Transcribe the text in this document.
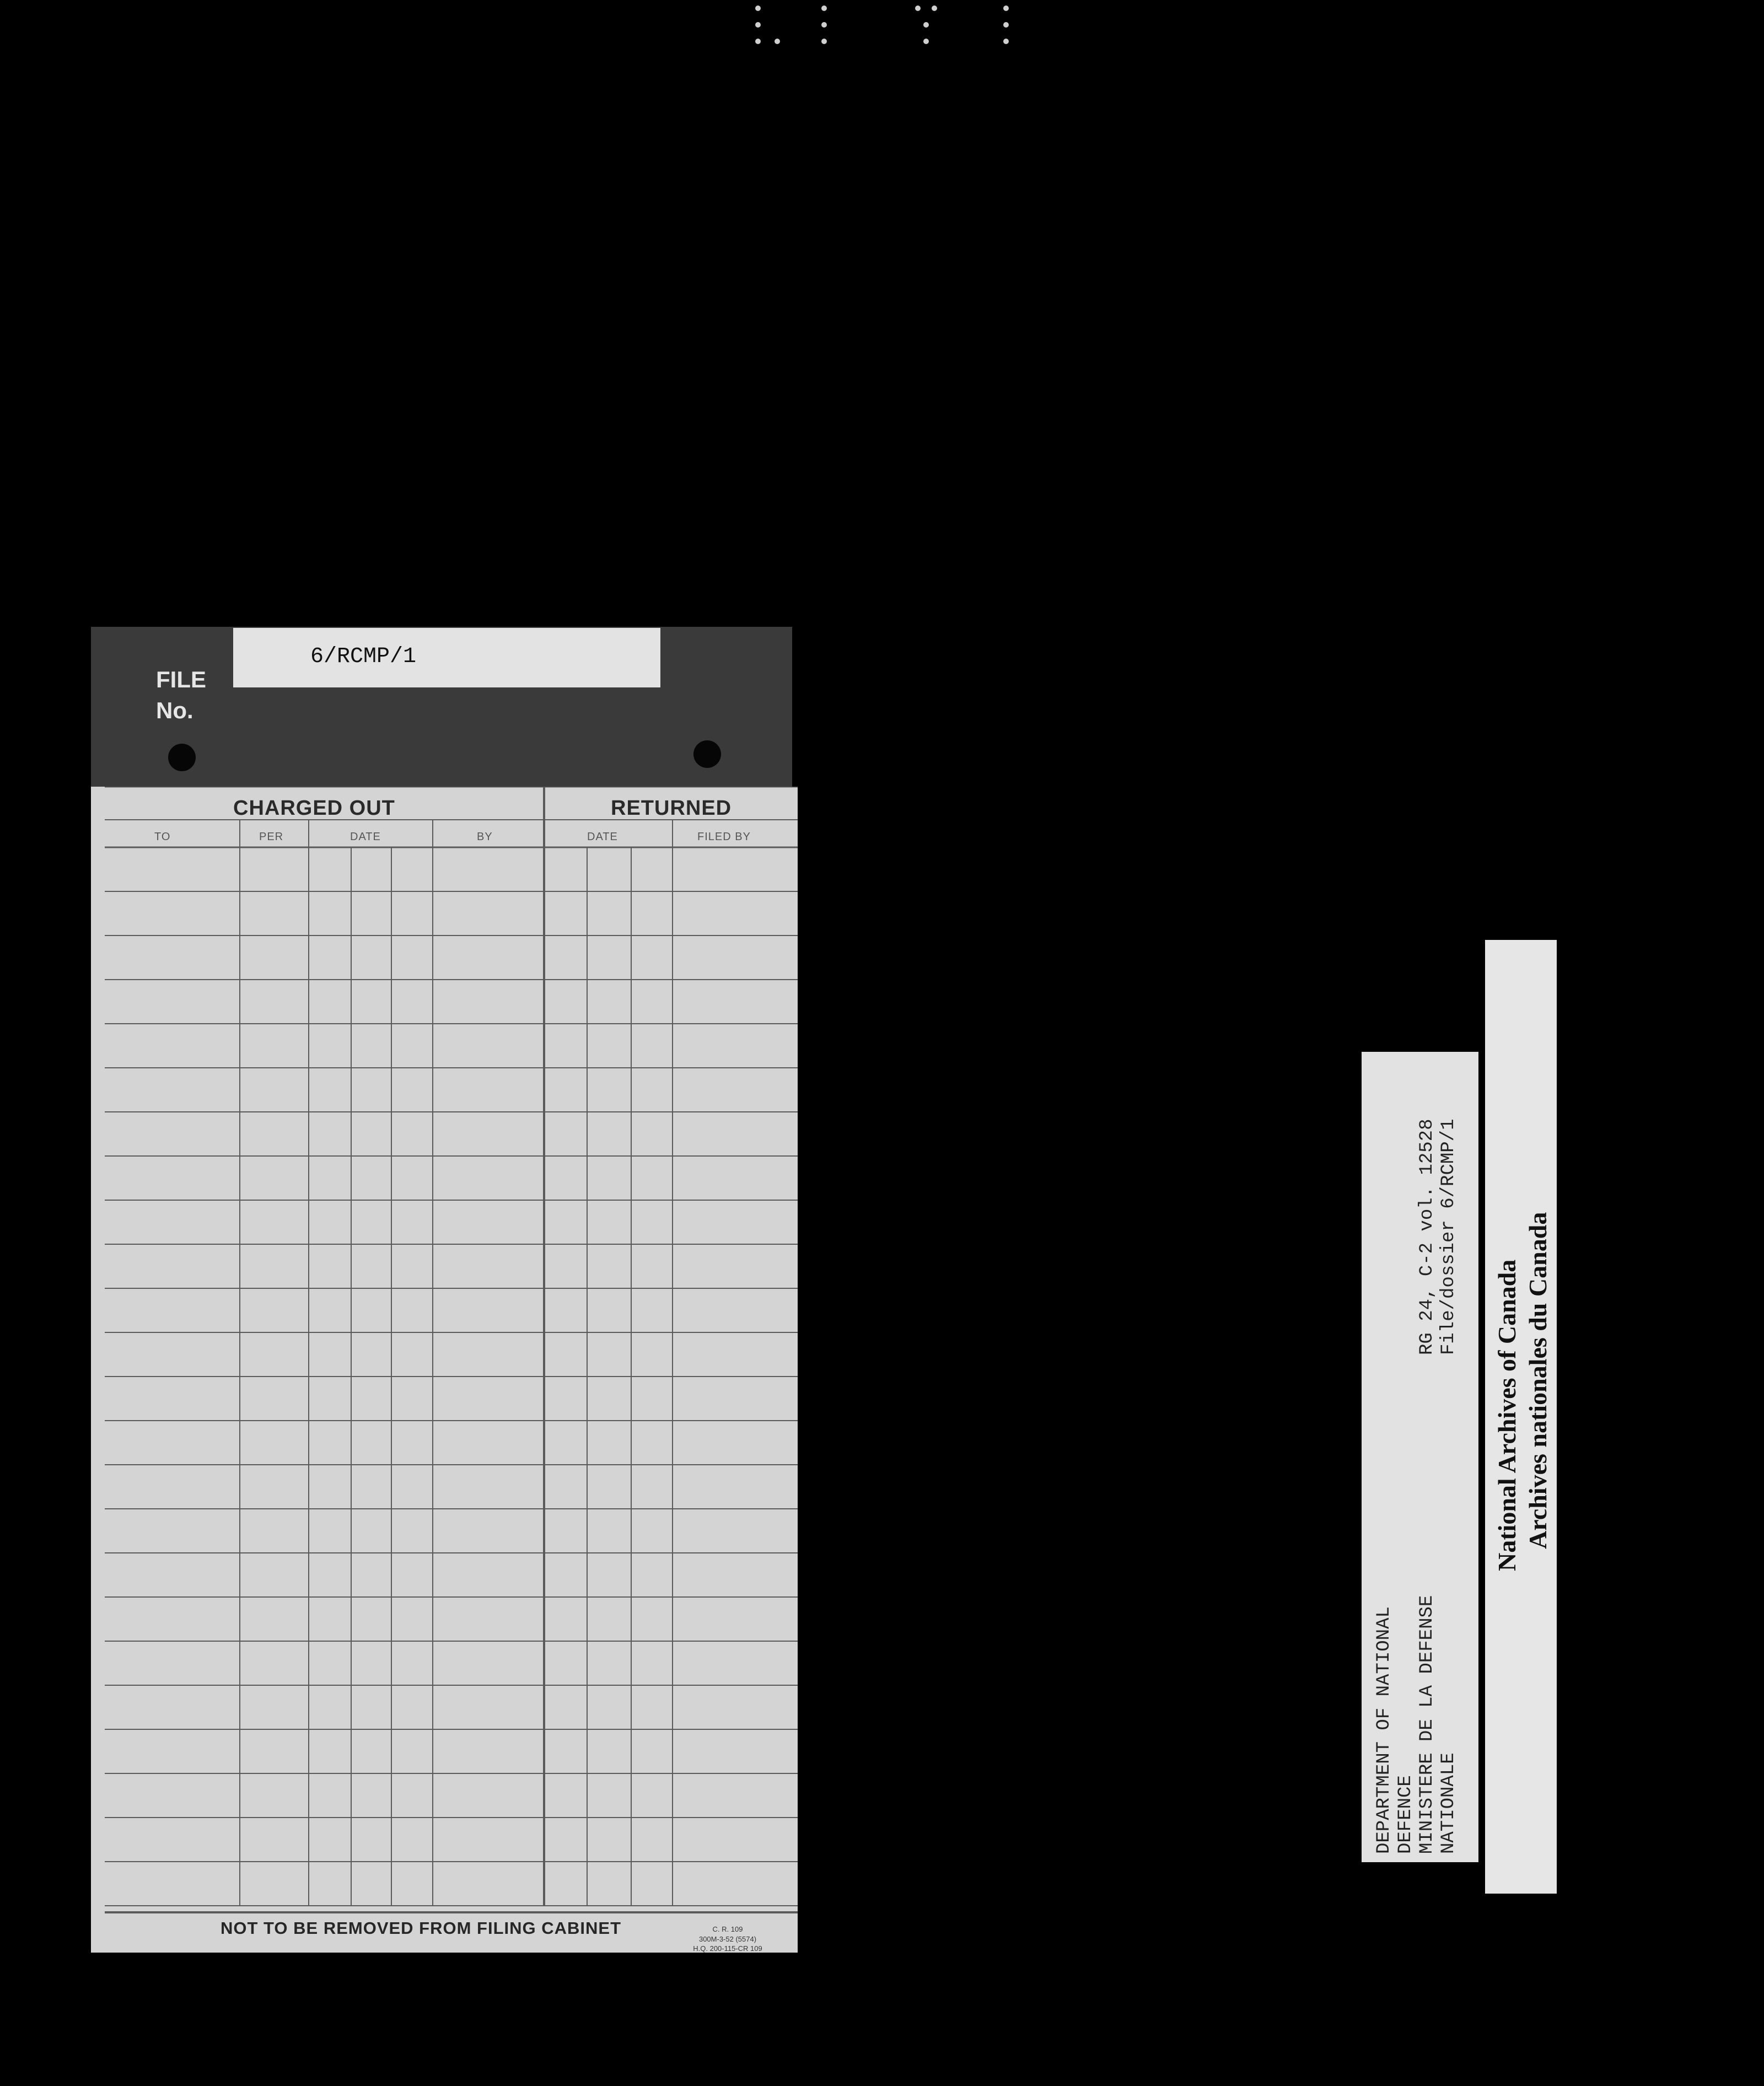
FILE
No.
6/RCMP/1
CHARGED OUT	RETURNED
TO	PER	DATE	BY	DATE	FILED BY
NOT TO BE REMOVED FROM FILING CABINET	C. R. 109
300M-3-52 (5574)
H.Q. 200-115-CR 109
DEPARTMENT OF NATIONAL DEFENCE MINISTERE DE LA DEFENSE NATIONALE
RG 24, C-2 vol. 12528 File/dossier 6/RCMP/1
National Archives of Canada Archives nationales du Canada
